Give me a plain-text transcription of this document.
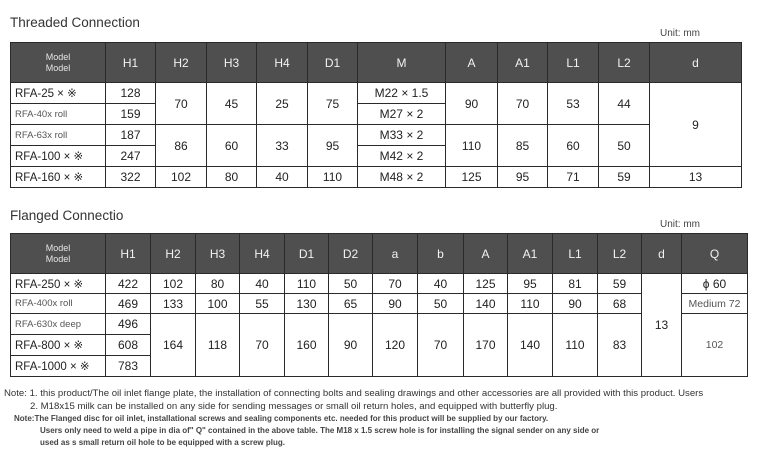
Threaded Connection
Unit: mm
Model
Model	H1	H2	H3	H4	D1	M	A	A1	L1	L2	d
RFA-25 × ※	128	70	45	25	75	M22 × 1.5	90	70	53	44	9
RFA-40x roll	159					M27 × 2					
RFA-63x roll	187	86	60	33	95	M33 × 2	110	85	60	50	
RFA-100 × ※	247					M42 × 2					
RFA-160 × ※	322	102	80	40	110	M48 × 2	125	95	71	59	13
Flanged Connectio
Unit: mm
Model
Model	H1	H2	H3	H4	D1	D2	a	b	A	A1	L1	L2	d	Q
RFA-250 × ※	422	102	80	40	110	50	70	40	125	95	81	59	13	ϕ 60
RFA-400x roll	469	133	100	55	130	65	90	50	140	110	90	68		Medium 72
RFA-630x deep	496	164	118	70	160	90	120	70	170	140	110	83		102
RFA-800 × ※	608													
RFA-1000 × ※	783													
Note: 1. this product/The oil inlet flange plate, the installation of connecting bolts and sealing drawings and other accessories are all provided with this product. Users
2. M18x15 milk can be installed on any side for sending messages or small oil return holes, and equipped with butterfly plug.
Note:The Flanged disc for oil inlet, installational screws and sealing components etc. needed for this product will be supplied by our factory.
Users only need to weld a pipe in dia of" Q" contained in the above table. The M18 x 1.5 screw hole is for installing the signal sender on any side or
used as s small return oil hole to be equipped with a screw plug.
